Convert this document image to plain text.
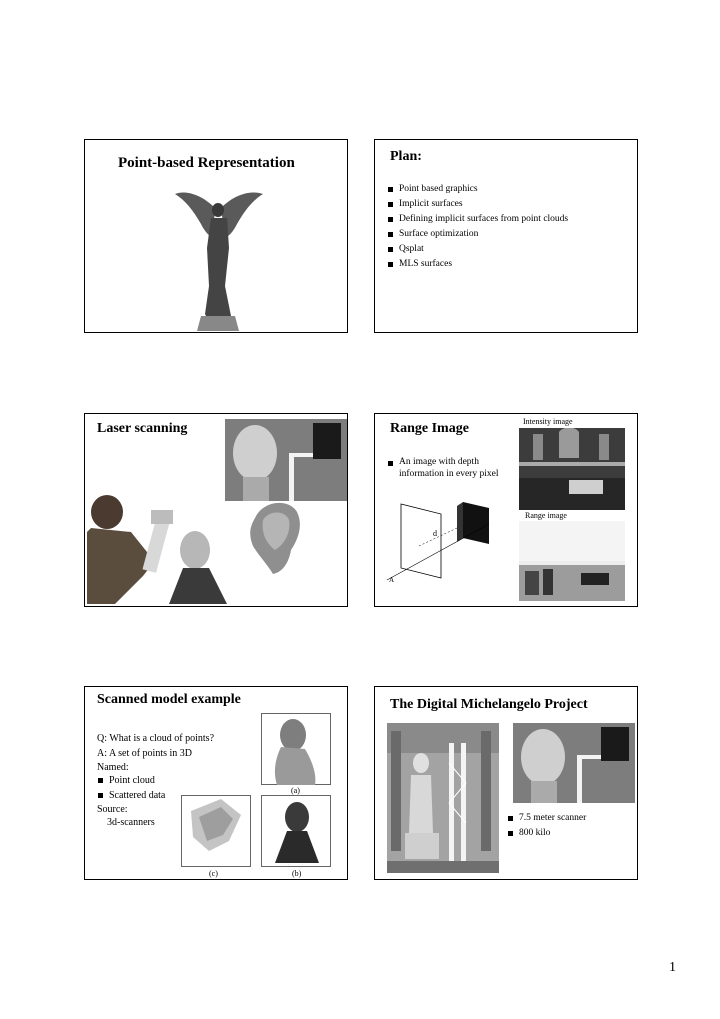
Point-based Representation	Plan:
Point based graphics
Implicit surfaces
Defining implicit surfaces from point clouds
Surface optimization
Qsplat
MLS surfaces
Laser scanning	Range Image
An image with depth information in every pixel
d
A
Intensity image
Range image
Scanned model example
Q: What is a cloud of points?
A: A set of points in 3D
Named:
Point cloud
Scattered data
Source:
3d-scanners
(a)
(c)	(b)
The Digital Michelangelo Project
7.5 meter scanner
800 kilo
1
